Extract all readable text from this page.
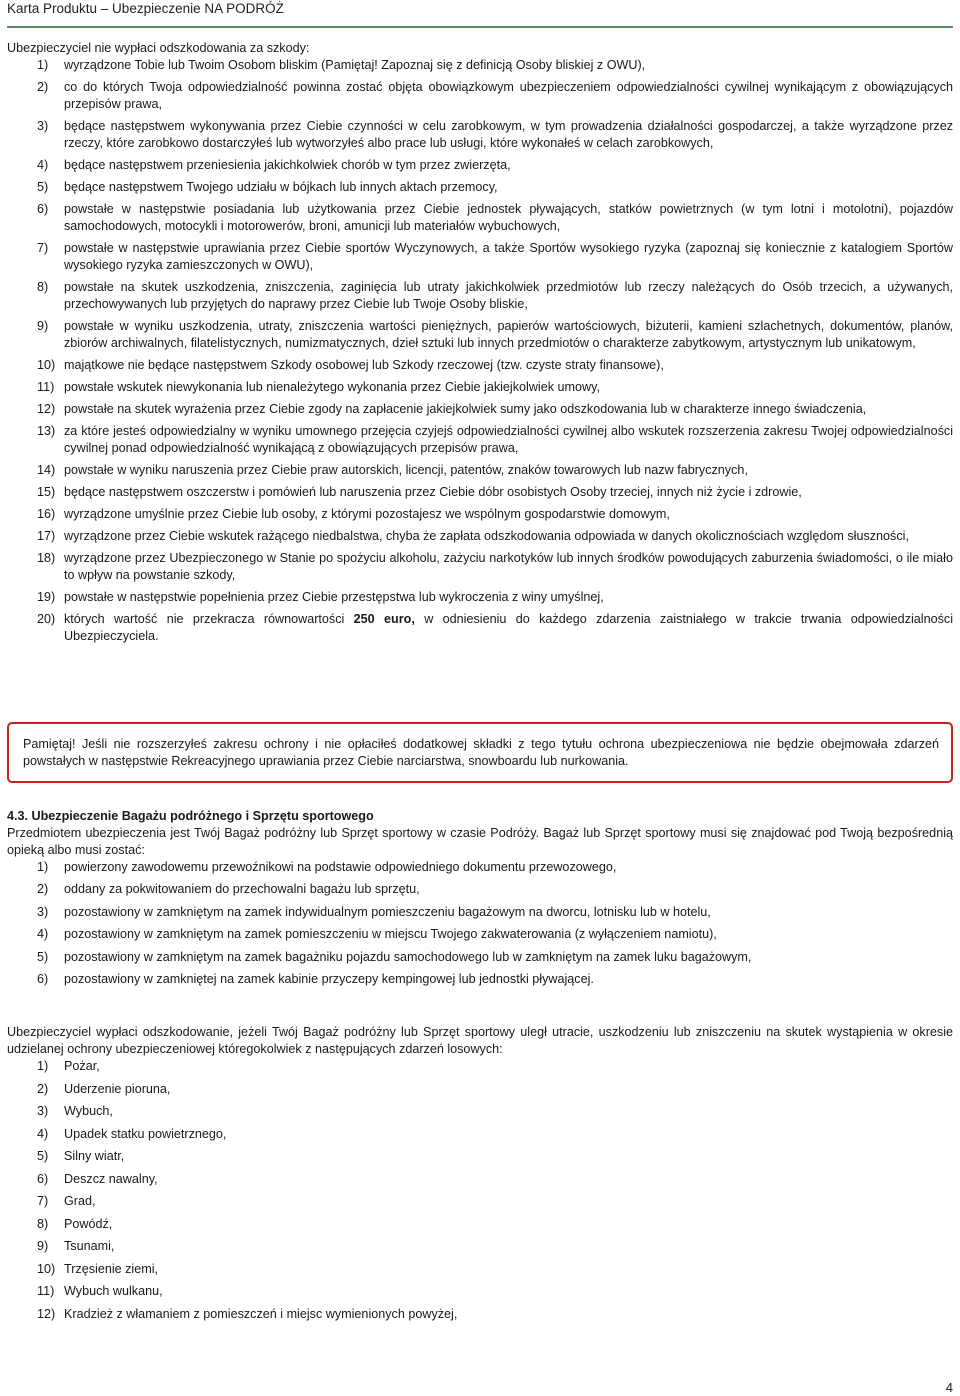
Karta Produktu – Ubezpieczenie NA PODRÓŻ

Ubezpieczyciel nie wypłaci odszkodowania za szkody:

1) wyrządzone Tobie lub Twoim Osobom bliskim (Pamiętaj! Zapoznaj się z definicją Osoby bliskiej z OWU),
2) co do których Twoja odpowiedzialność powinna zostać objęta obowiązkowym ubezpieczeniem odpowiedzialności cywilnej wynikającym z obowiązujących przepisów prawa,
3) będące następstwem wykonywania przez Ciebie czynności w celu zarobkowym, w tym prowadzenia działalności gospodarczej, a także wyrządzone przez rzeczy, które zarobkowo dostarczyłeś lub wytworzyłeś albo prace lub usługi, które wykonałeś w celach zarobkowych,
4) będące następstwem przeniesienia jakichkolwiek chorób w tym przez zwierzęta,
5) będące następstwem Twojego udziału w bójkach lub innych aktach przemocy,
6) powstałe w następstwie posiadania lub użytkowania przez Ciebie jednostek pływających, statków powietrznych (w tym lotni i motolotni), pojazdów samochodowych, motocykli i motorowerów, broni, amunicji lub materiałów wybuchowych,
7) powstałe w następstwie uprawiania przez Ciebie sportów Wyczynowych, a także Sportów wysokiego ryzyka (zapoznaj się koniecznie z katalogiem Sportów wysokiego ryzyka zamieszczonych w OWU),
8) powstałe na skutek uszkodzenia, zniszczenia, zaginięcia lub utraty jakichkolwiek przedmiotów lub rzeczy należących do Osób trzecich, a używanych, przechowywanych lub przyjętych do naprawy przez Ciebie lub Twoje Osoby bliskie,
9) powstałe w wyniku uszkodzenia, utraty, zniszczenia wartości pieniężnych, papierów wartościowych, biżuterii, kamieni szlachetnych, dokumentów, planów, zbiorów archiwalnych, filatelistycznych, numizmatycznych, dzieł sztuki lub innych przedmiotów o charakterze zabytkowym, artystycznym lub unikatowym,
10) majątkowe nie będące następstwem Szkody osobowej lub Szkody rzeczowej (tzw. czyste straty finansowe),
11) powstałe wskutek niewykonania lub nienależytego wykonania przez Ciebie jakiejkolwiek umowy,
12) powstałe na skutek wyrażenia przez Ciebie zgody na zapłacenie jakiejkolwiek sumy jako odszkodowania lub w charakterze innego świadczenia,
13) za które jesteś odpowiedzialny w wyniku umownego przejęcia czyjejś odpowiedzialności cywilnej albo wskutek rozszerzenia zakresu Twojej odpowiedzialności cywilnej ponad odpowiedzialność wynikającą z obowiązujących przepisów prawa,
14) powstałe w wyniku naruszenia przez Ciebie praw autorskich, licencji, patentów, znaków towarowych lub nazw fabrycznych,
15) będące następstwem oszczerstw i pomówień lub naruszenia przez Ciebie dóbr osobistych Osoby trzeciej, innych niż życie i zdrowie,
16) wyrządzone umyślnie przez Ciebie lub osoby, z którymi pozostajesz we wspólnym gospodarstwie domowym,
17) wyrządzone przez Ciebie wskutek rażącego niedbalstwa, chyba że zapłata odszkodowania odpowiada w danych okolicznościach względom słuszności,
18) wyrządzone przez Ubezpieczonego w Stanie po spożyciu alkoholu, zażyciu narkotyków lub innych środków powodujących zaburzenia świadomości, o ile miało to wpływ na powstanie szkody,
19) powstałe w następstwie popełnienia przez Ciebie przestępstwa lub wykroczenia z winy umyślnej,
20) których wartość nie przekracza równowartości 250 euro, w odniesieniu do każdego zdarzenia zaistniałego w trakcie trwania odpowiedzialności Ubezpieczyciela.
Pamiętaj! Jeśli nie rozszerzyłeś zakresu ochrony i nie opłaciłeś dodatkowej składki z tego tytułu ochrona ubezpieczeniowa nie będzie obejmowała zdarzeń powstałych w następstwie Rekreacyjnego uprawiania przez Ciebie narciarstwa, snowboardu lub nurkowania.

4.3. Ubezpieczenie Bagażu podróżnego i Sprzętu sportowego

Przedmiotem ubezpieczenia jest Twój Bagaż podróżny lub Sprzęt sportowy w czasie Podróży. Bagaż lub Sprzęt sportowy musi się znajdować pod Twoją bezpośrednią opieką albo musi zostać:

1) powierzony zawodowemu przewoźnikowi na podstawie odpowiedniego dokumentu przewozowego,
2) oddany za pokwitowaniem do przechowalni bagażu lub sprzętu,
3) pozostawiony w zamkniętym na zamek indywidualnym pomieszczeniu bagażowym na dworcu, lotnisku lub w hotelu,
4) pozostawiony w zamkniętym na zamek pomieszczeniu w miejscu Twojego zakwaterowania (z wyłączeniem namiotu),
5) pozostawiony w zamkniętym na zamek bagażniku pojazdu samochodowego lub w zamkniętym na zamek luku bagażowym,
6) pozostawiony w zamkniętej na zamek kabinie przyczepy kempingowej lub jednostki pływającej.

Ubezpieczyciel wypłaci odszkodowanie, jeżeli Twój Bagaż podróżny lub Sprzęt sportowy uległ utracie, uszkodzeniu lub zniszczeniu na skutek wystąpienia w okresie udzielanej ochrony ubezpieczeniowej któregokolwiek z następujących zdarzeń losowych:

1) Pożar,
2) Uderzenie pioruna,
3) Wybuch,
4) Upadek statku powietrznego,
5) Silny wiatr,
6) Deszcz nawalny,
7) Grad,
8) Powódź,
9) Tsunami,
10) Trzęsienie ziemi,
11) Wybuch wulkanu,
12) Kradzież z włamaniem z pomieszczeń i miejsc wymienionych powyżej,
4
